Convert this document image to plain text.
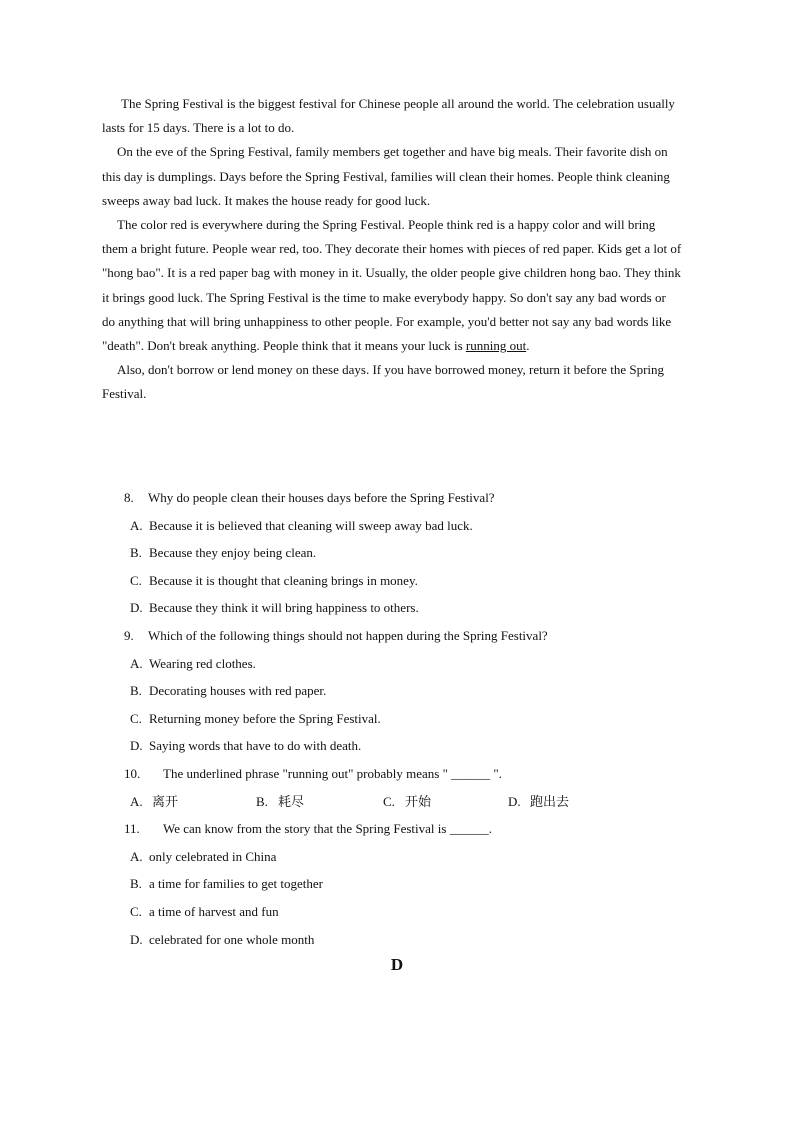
The Spring Festival is the biggest festival for Chinese people all around the world. The celebration usually lasts for 15 days. There is a lot to do.

On the eve of the Spring Festival, family members get together and have big meals. Their favorite dish on this day is dumplings. Days before the Spring Festival, families will clean their homes. People think cleaning sweeps away bad luck. It makes the house ready for good luck.

The color red is everywhere during the Spring Festival. People think red is a happy color and will bring them a bright future. People wear red, too. They decorate their homes with pieces of red paper. Kids get a lot of "hong bao". It is a red paper bag with money in it. Usually, the older people give children hong bao. They think it brings good luck. The Spring Festival is the time to make everybody happy. So don't say any bad words or do anything that will bring unhappiness to other people. For example, you'd better not say any bad words like "death". Don't break anything. People think that it means your luck is running out.

Also, don't borrow or lend money on these days. If you have borrowed money, return it before the Spring Festival.

8. Why do people clean their houses days before the Spring Festival?
A. Because it is believed that cleaning will sweep away bad luck.
B. Because they enjoy being clean.
C. Because it is thought that cleaning brings in money.
D. Because they think it will bring happiness to others.
9. Which of the following things should not happen during the Spring Festival?
A. Wearing red clothes.
B. Decorating houses with red paper.
C. Returning money before the Spring Festival.
D. Saying words that have to do with death.
10. The underlined phrase "running out" probably means " ______ ".
A. 离开	B. 耗尽	C. 开始	D. 跑出去
11. We can know from the story that the Spring Festival is ______.
A. only celebrated in China
B. a time for families to get together
C. a time of harvest and fun
D. celebrated for one whole month
D
